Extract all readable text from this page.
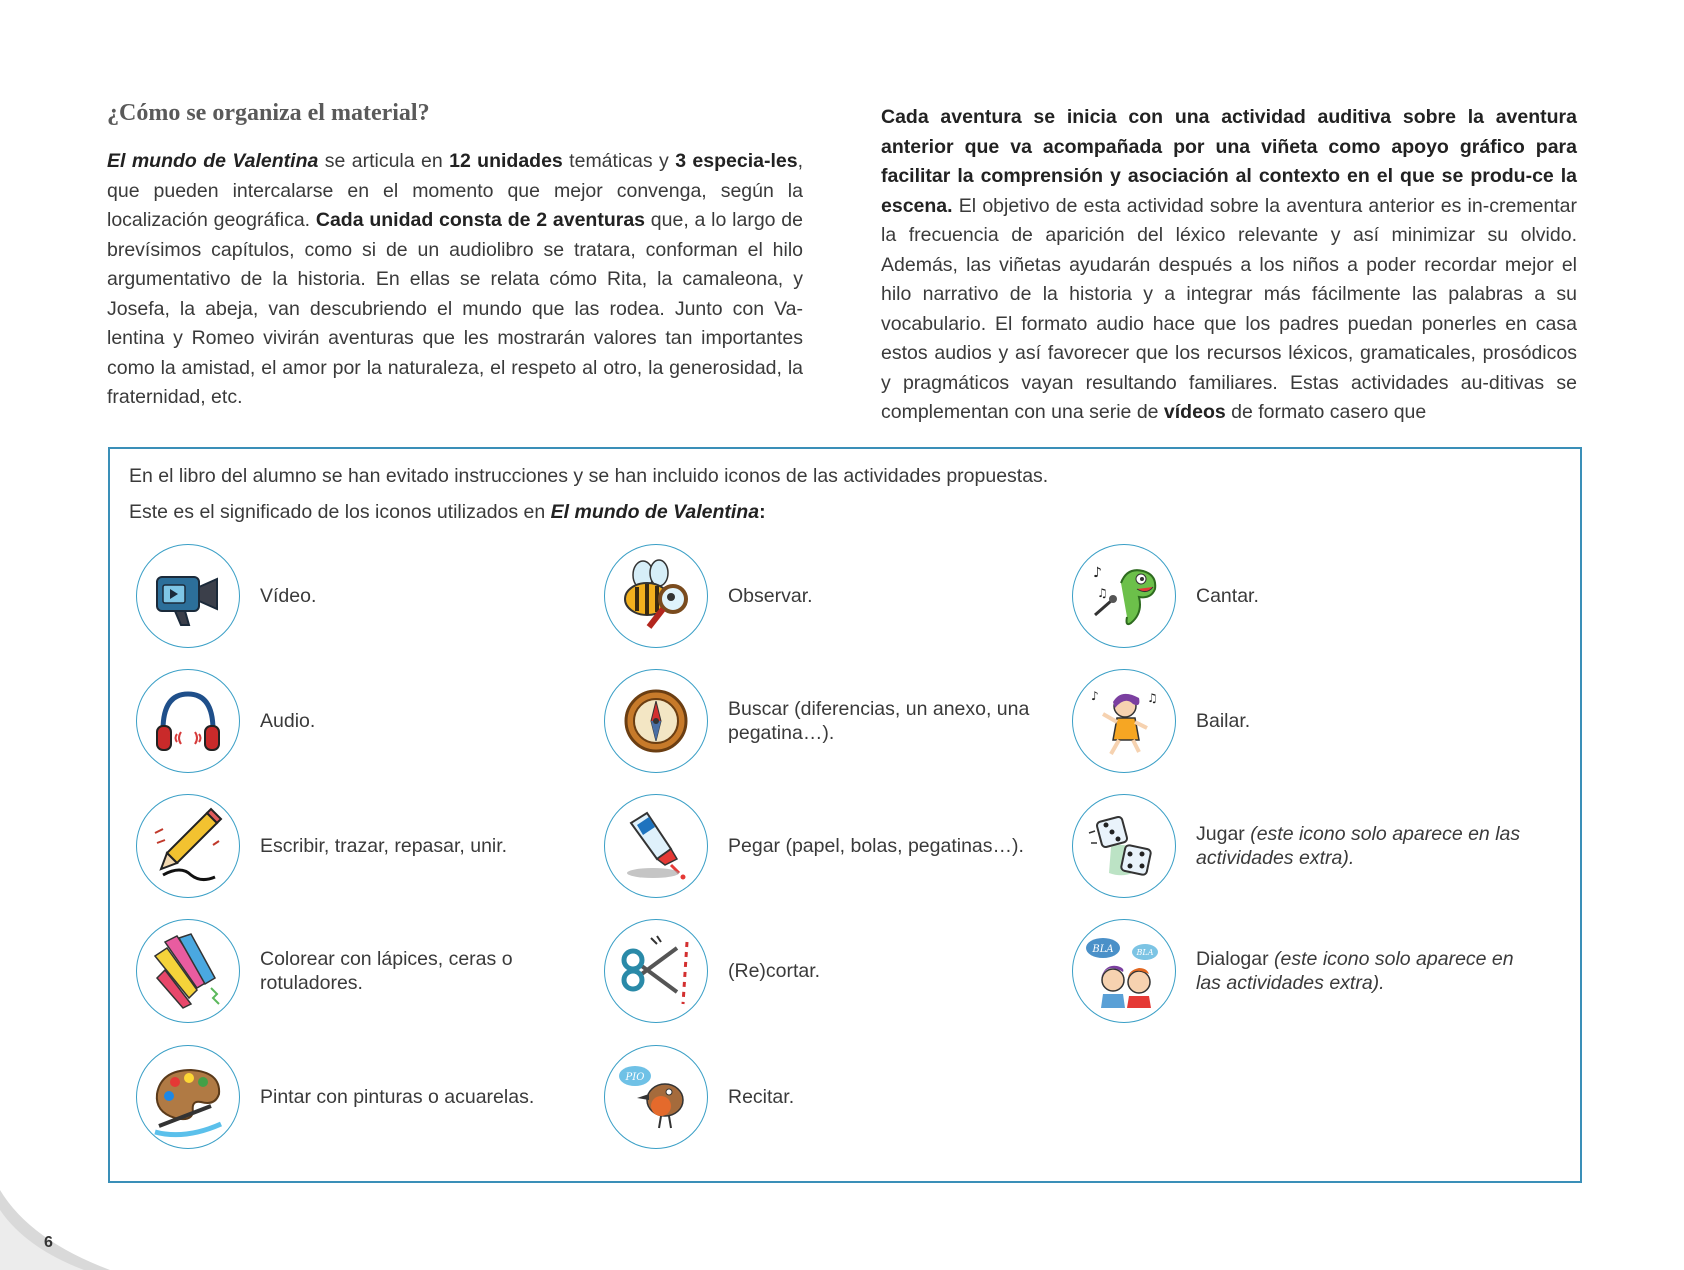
¿Cómo se organiza el material?

El mundo de Valentina se articula en 12 unidades temáticas y 3 especia-les, que pueden intercalarse en el momento que mejor convenga, según la localización geográfica. Cada unidad consta de 2 aventuras que, a lo largo de brevísimos capítulos, como si de un audiolibro se tratara, conforman el hilo argumentativo de la historia. En ellas se relata cómo Rita, la camaleona, y Josefa, la abeja, van descubriendo el mundo que las rodea. Junto con Va-lentina y Romeo vivirán aventuras que les mostrarán valores tan importantes como la amistad, el amor por la naturaleza, el respeto al otro, la generosidad, la fraternidad, etc.

Cada aventura se inicia con una actividad auditiva sobre la aventura anterior que va acompañada por una viñeta como apoyo gráfico para facilitar la comprensión y asociación al contexto en el que se produ-ce la escena. El objetivo de esta actividad sobre la aventura anterior es in-crementar la frecuencia de aparición del léxico relevante y así minimizar su olvido. Además, las viñetas ayudarán después a los niños a poder recordar mejor el hilo narrativo de la historia y a integrar más fácilmente las palabras a su vocabulario. El formato audio hace que los padres puedan ponerles en casa estos audios y así favorecer que los recursos léxicos, gramaticales, prosódicos y pragmáticos vayan resultando familiares. Estas actividades au-ditivas se complementan con una serie de vídeos de formato casero que

En el libro del alumno se han evitado instrucciones y se han incluido iconos de las actividades propuestas.

Este es el significado de los iconos utilizados en El mundo de Valentina:

Vídeo.
Audio.
Escribir, trazar, repasar, unir.
Colorear con lápices, ceras o rotuladores.
Pintar con pinturas o acuarelas.
Observar.
Buscar (diferencias, un anexo, una pegatina…).
Pegar (papel, bolas, pegatinas…).
(Re)cortar.
PIO
Recitar.
♪
♫	Cantar.
♪	♫
Bailar.
Jugar (este icono solo aparece en las actividades extra).
BLA	BLA Dialogar (este icono solo aparece en las actividades extra).
6
